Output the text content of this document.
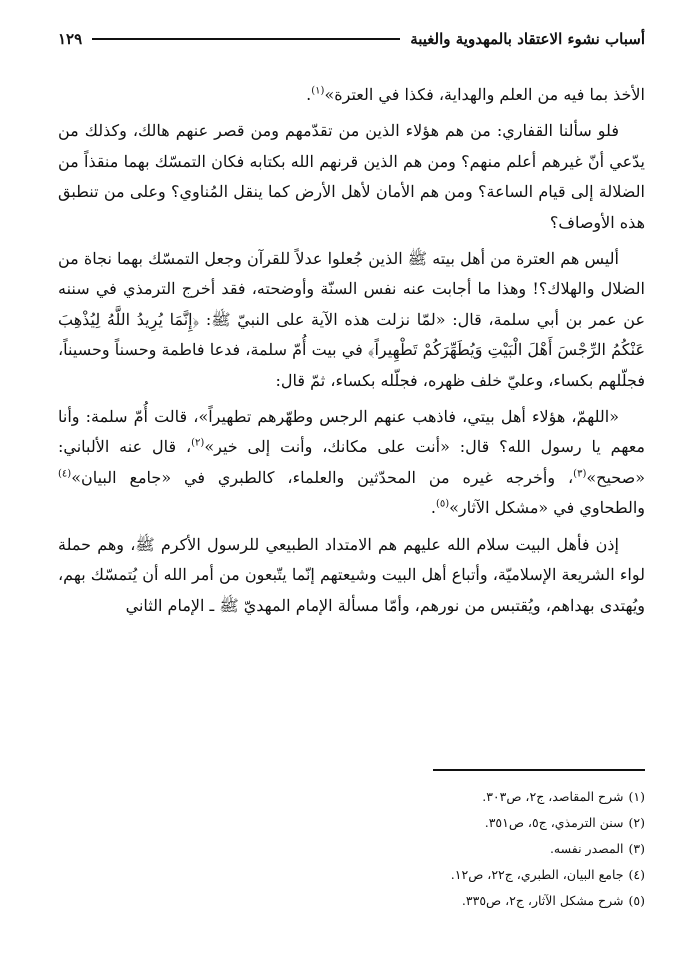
أسباب نشوء الاعتقاد بالمهدوية والغيبة
١٢٩

الأخذ بما فيه من العلم والهداية، فكذا في العترة»$^{(١)}$.

فلو سألنا القفاري: من هم هؤلاء الذين من تقدّمهم ومن قصر عنهم هالك، وكذلك من يدّعي أنّ غيرهم أعلم منهم؟ ومن هم الذين قرنهم الله بكتابه فكان التمسّك بهما منقذاً من الضلالة إلى قيام الساعة؟ ومن هم الأمان لأهل الأرض كما ينقل المُناوي؟ وعلى من تنطبق هذه الأوصاف؟

أليس هم العترة من أهل بيته ﷺ الذين جُعلوا عدلاً للقرآن وجعل التمسّك بهما نجاة من الضلال والهلاك؟! وهذا ما أجابت عنه نفس السنّة وأوضحته، فقد أخرج الترمذي في سننه عن عمر بن أبي سلمة، قال: «لمّا نزلت هذه الآية على النبيّ ﷺ: ﴿إِنَّمَا يُرِيدُ اللَّهُ لِيُذْهِبَ عَنْكُمُ الرِّجْسَ أَهْلَ الْبَيْتِ وَيُطَهِّرَكُمْ تَطْهِيراً﴾ في بيت أُمّ سلمة، فدعا فاطمة وحسناً وحسيناً، فجلّلهم بكساء، وعليّ خلف ظهره، فجلّله بكساء، ثمّ قال:

«اللهمّ، هؤلاء أهل بيتي، فاذهب عنهم الرجس وطهّرهم تطهيراً»، قالت أُمّ سلمة: وأنا معهم يا رسول الله؟ قال: «أنت على مكانك، وأنت إلى خير»$^{(٢)}$، قال عنه الألباني: «صحيح»$^{(٣)}$، وأخرجه غيره من المحدّثين والعلماء، كالطبري في «جامع البيان»$^{(٤)}$ والطحاوي في «مشكل الآثار»$^{(٥)}$.

إذن فأهل البيت سلام الله عليهم هم الامتداد الطبيعي للرسول الأكرم ﷺ، وهم حملة لواء الشريعة الإسلاميّة، وأتباع أهل البيت وشيعتهم إنّما يتّبعون من أمر الله أن يُتمسّك بهم، ويُهتدى بهداهم، ويُقتبس من نورهم، وأمّا مسألة الإمام المهديّ ﷺ ـ الإمام الثاني

(١)شرح المقاصد، ج٢، ص٣٠٣.
(٢)سنن الترمذي، ج٥، ص٣٥١.
(٣)المصدر نفسه.
(٤)جامع البيان، الطبري، ج٢٢، ص١٢.
(٥)شرح مشكل الآثار، ج٢، ص٣٣٥.
